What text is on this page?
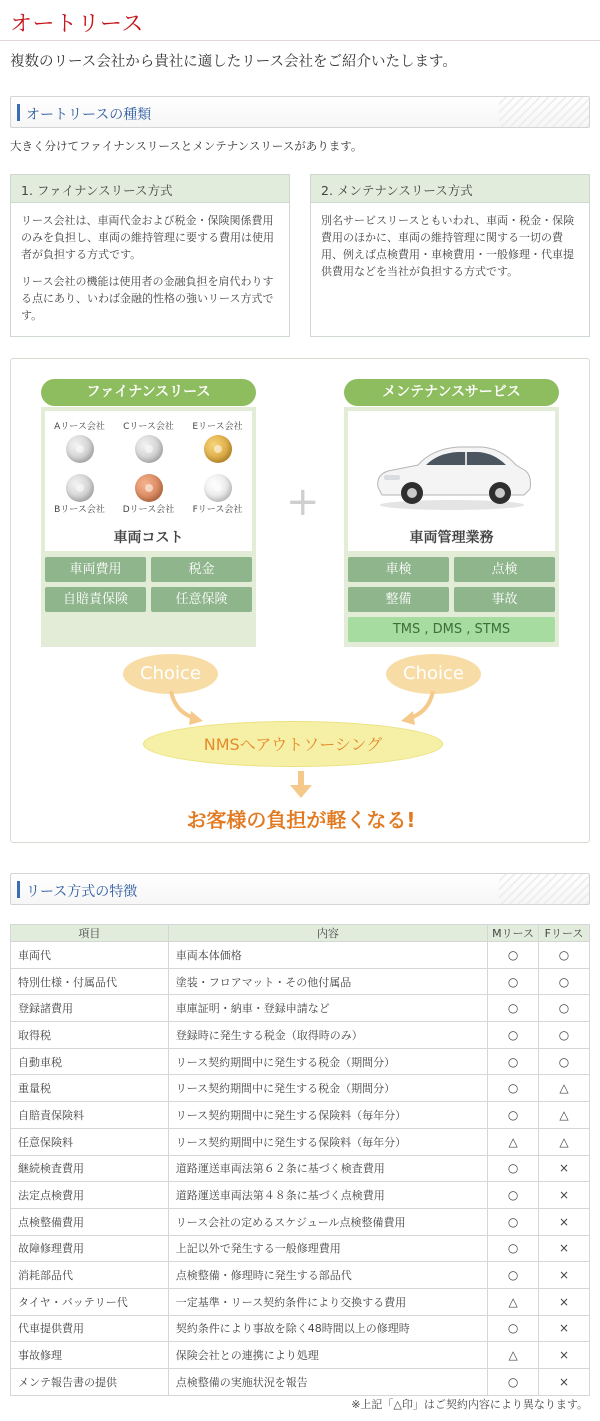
オートリース

複数のリース会社から貴社に適したリース会社をご紹介いたします。

オートリースの種類

大きく分けてファイナンスリースとメンテナンスリースがあります。

1. ファイナンスリース方式

リース会社は、車両代金および税金・保険関係費用のみを負担し、車両の維持管理に要する費用は使用者が負担する方式です。

リース会社の機能は使用者の金融負担を肩代わりする点にあり、いわば金融的性格の強いリース方式です。

2. メンテナンスリース方式

別名サービスリースともいわれ、車両・税金・保険費用のほかに、車両の維持管理に関する一切の費用、例えば点検費用・車検費用・一般修理・代車提供費用などを当社が負担する方式です。

ファイナンスリース
Aリース会社	Cリース会社	Eリース会社
Bリース会社	Dリース会社	Fリース会社
車両コスト
車両費用	税金
自賠責保険	任意保険
+
メンテナンスサービス
車両管理業務
車検	点検
整備	事故
TMS , DMS , STMS
Choice	Choice
NMSへアウトソーシング
お客様の負担が軽くなる!
リース方式の特徴
項目	内容	Mリース	Fリース
車両代	車両本体価格	○	○
特別仕様・付属品代	塗装・フロアマット・その他付属品	○	○
登録諸費用	車庫証明・納車・登録申請など	○	○
取得税	登録時に発生する税金（取得時のみ）	○	○
自動車税	リース契約期間中に発生する税金（期間分）	○	○
重量税	リース契約期間中に発生する税金（期間分）	○	△
自賠責保険料	リース契約期間中に発生する保険料（毎年分）	○	△
任意保険料	リース契約期間中に発生する保険料（毎年分）	△	△
継続検査費用	道路運送車両法第６２条に基づく検査費用	○	×
法定点検費用	道路運送車両法第４８条に基づく点検費用	○	×
点検整備費用	リース会社の定めるスケジュール点検整備費用	○	×
故障修理費用	上記以外で発生する一般修理費用	○	×
消耗部品代	点検整備・修理時に発生する部品代	○	×
タイヤ・バッテリー代	一定基準・リース契約条件により交換する費用	△	×
代車提供費用	契約条件により事故を除く48時間以上の修理時	○	×
事故修理	保険会社との連携により処理	△	×
メンテ報告書の提供	点検整備の実施状況を報告	○	×
※上記「△印」はご契約内容により異なります。
